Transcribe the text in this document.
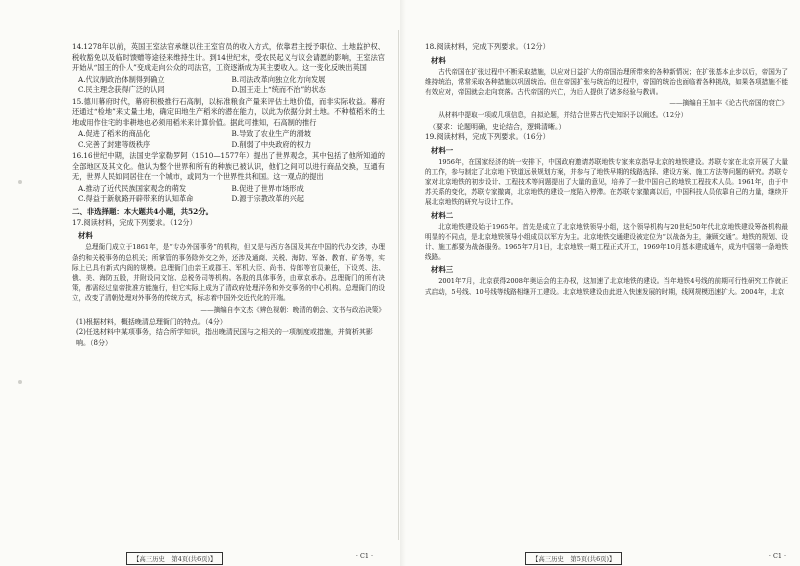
14.1278年以前，英国王室法官承继以往王室官员的收入方式，依靠君主授予职位、土地监护权、税收豁免以及临时馈赠等途径来维持生计。到14世纪末，受农民起义与议会请愿的影响，王室法官开始从“国王的仆人”变成走向公众的司法官，工资逐渐成为其主要收入。这一变化反映出英国

A.代议制政治体制得到确立	B.司法改革向独立化方向发展
C.民主理念获得广泛的认同	D.国王走上“统而不治”的状态

15.德川幕府时代，幕府积极推行石高制，以标准粮食产量来评估土地价值，而非实际收益。幕府还通过“检地”来丈量土地，确定田地生产稻米的潜在能力，以此为依据分封土地。不种植稻米的土地或用作住宅的非耕地也必须用稻米来计算价值。据此可推知，石高制的推行

A.促进了稻米的商品化	B.导致了农业生产的滑坡
C.完善了封建等级秩序	D.削弱了中央政府的权力

16.16世纪中期，法国史学家勒罗阿（1510—1577年）提出了世界观念，其中包括了他所知道的全部地区及其文化。他认为整个世界和所有的种族已被认识，他们之间可以进行商品交换，互通有无，世界人民如同居住在一个城市，或同为一个世界性共和国。这一观点的提出

A.推动了近代民族国家观念的萌发	B.促进了世界市场形成
C.得益于新航路开辟带来的认知革命	D.源于宗教改革的兴起
二、非选择题：本大题共4小题，共52分。

17.阅读材料，完成下列要求。（12分）

材料

总理衙门成立于1861年，是“专办外国事务”的机构，但又是与西方各国及其在中国的代办交涉，办理条约和关税事务的总机关；所掌管的事务除外交之外，还涉及通商、关税、海防、军备、教育、矿务等，实际上已具有新式内阁的规模。总理衙门由亲王或郡王、军机大臣、尚书、侍郎等官员兼任，下设英、法、俄、美、海防五股，并附设同文馆、总税务司等机构。各股的具体事务，由章京承办。总理衙门的所有决策，都需经过皇帝批准方能施行，但它实际上成为了清政府处理洋务和外交事务的中心机构。总理衙门的设立，改变了清朝处理对外事务的传统方式，标志着中国外交近代化的开端。

——摘编自李文杰《辨色视朝：晚清的朝会、文书与政治决策》

(1)根据材料，概括晚清总理衙门的特点。（4分）

(2)任选材料中某项事务，结合所学知识，指出晚清民国与之相关的一项制度或措施，并简析其影响。（8分）

【高三历史　第4页(共6页)】	· C1 ·

18.阅读材料，完成下列要求。（12分）

材料

古代帝国在扩张过程中不断采取措施，以应对日益扩大的帝国治理所带来的各种新情况；在扩张基本止步以后，帝国为了维持统治，常常采取各种措施以巩固统治。但在帝国扩张与统治的过程中，帝国的统治也面临着各种挑战，如果各项措施不能有效应对，帝国就会走向衰落。古代帝国的兴亡，为后人提供了诸多经验与教训。

——摘编自王加丰《论古代帝国的衰亡》

从材料中提取一项或几项信息，自拟论题，并结合世界古代史知识予以阐述。（12分）

（要求：论题明确，史论结合，逻辑清晰。）

19.阅读材料，完成下列要求。（16分）

材料一

1956年，在国家经济的统一安排下，中国政府邀请苏联地铁专家来京指导北京的地铁建设。苏联专家在北京开展了大量的工作，参与制定了北京地下铁道远景规划方案，并参与了地铁早期的线路选择、建设方案、施工方法等问题的研究。苏联专家对北京地铁的初步设计、工程技术等问题提出了大量的意见，培养了一批中国自己的地铁工程技术人员。1961年，由于中苏关系的变化，苏联专家撤离，北京地铁的建设一度陷入停滞。在苏联专家撤离以后，中国科技人员依靠自己的力量，继续开展北京地铁的研究与设计工作。

材料二

北京地铁建设始于1965年。首先是成立了北京地铁领导小组，这个领导机构与20世纪50年代北京地铁建设筹备机构最明显的不同点，是北京地铁领导小组成员以军方为主。北京地铁交通建设被定位为“以战备为主，兼顾交通”。地铁的规划、设计、施工都要为战备服务。1965年7月1日，北京地铁一期工程正式开工，1969年10月基本建成通车，成为中国第一条地铁线路。

材料三

2001年7月，北京获得2008年奥运会的主办权，这加速了北京地铁的建设。当年地铁4号线的前期可行性研究工作就正式启动，5号线、10号线等线路相继开工建设。北京地铁建设由此进入快速发展的时期，线网规模迅速扩大。2004年，北京

【高三历史　第5页(共6页)】	· C1 ·
